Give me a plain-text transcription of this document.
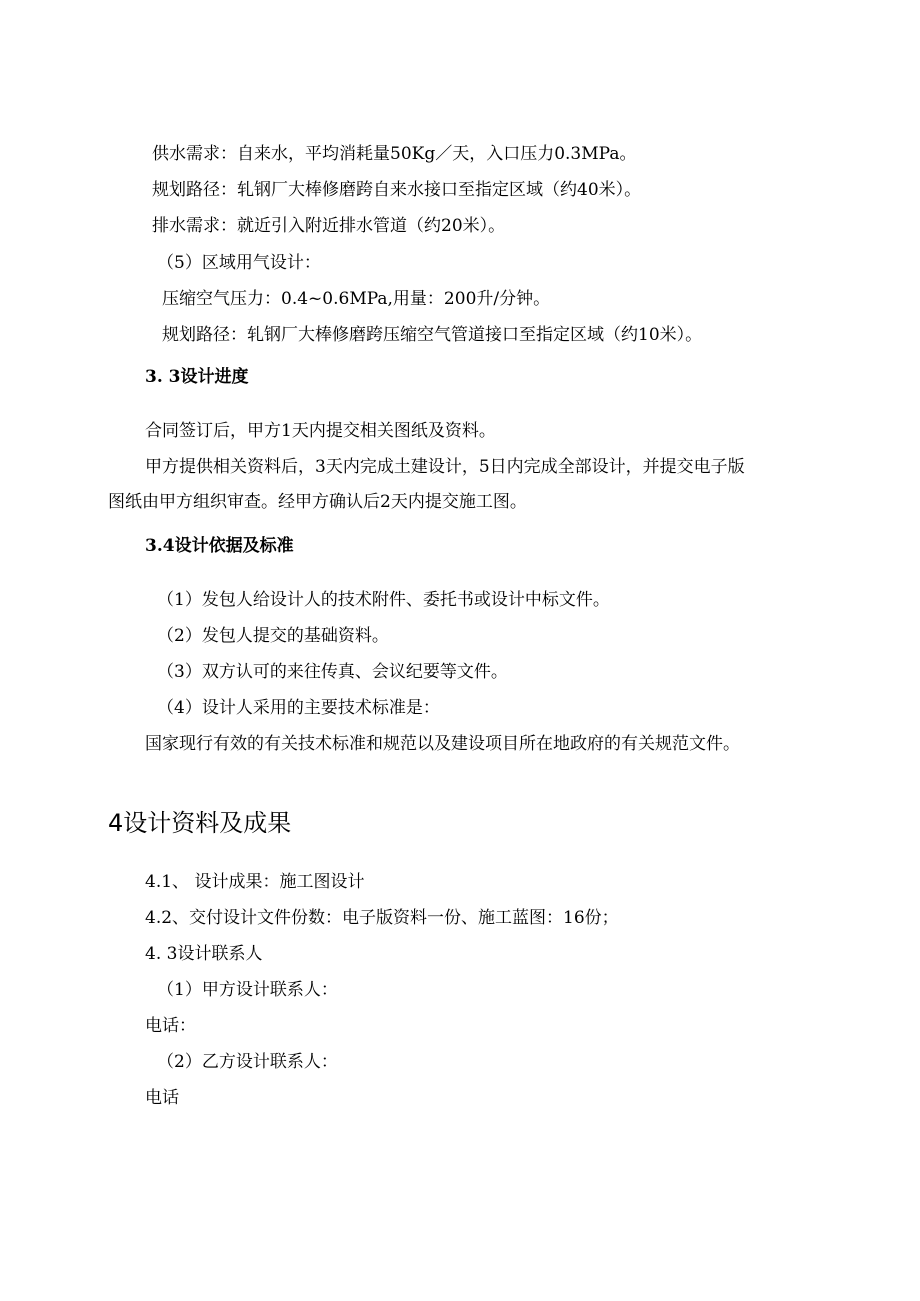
供水需求：自来水，平均消耗量50Kg／天，入口压力0.3MPa。
规划路径：轧钢厂大棒修磨跨自来水接口至指定区域（约40米）。
排水需求：就近引入附近排水管道（约20米）。
（5）区域用气设计：
压缩空气压力：0.4~0.6MPa,用量：200升/分钟。
规划路径：轧钢厂大棒修磨跨压缩空气管道接口至指定区域（约10米）。
3. 3设计进度
合同签订后，甲方1天内提交相关图纸及资料。
甲方提供相关资料后，3天内完成土建设计，5日内完成全部设计，并提交电子版
图纸由甲方组织审查。经甲方确认后2天内提交施工图。
3.4设计依据及标准
（1）发包人给设计人的技术附件、委托书或设计中标文件。
（2）发包人提交的基础资料。
（3）双方认可的来往传真、会议纪要等文件。
（4）设计人采用的主要技术标准是：
国家现行有效的有关技术标准和规范以及建设项目所在地政府的有关规范文件。
4设计资料及成果
4.1、 设计成果：施工图设计
4.2、交付设计文件份数：电子版资料一份、施工蓝图：16份；
4. 3设计联系人
（1）甲方设计联系人：
电话：
（2）乙方设计联系人：
电话
